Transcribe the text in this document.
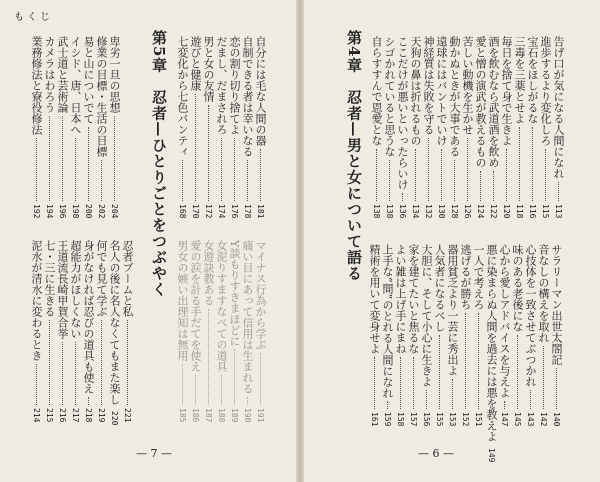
もくじ
卑劣一旦の思想
204
修業の目標・生活の目標
202
易と山についでて
200
イシド、唐、日本へ
198
武士道と芸術論
196
カメラはわろう
194
業務修法と寮役修法
192	第5章　忍者—ひとりごとをつぶやく	自分には毛な人間の器
181
自制できる者は幸いなる
178
恋の割り切り捨てよ
176
だまし、だまされろ
174
男と女の友情
172
遊びと健康
170
七変化から七色パンティ
168
忍者ブームと私
221
名人の後に名人なくてもまた楽し
220
何でも見て学ぶ
219
身がなければ忍びの道具も使え
218
超能力がほしくない
217
王道流長崎甲賀合挙
216
七・三に生きる
215
泥水が清水に変わるとき
214
マイナス行為から学ぶ
191
痛い目にあって信用は生まれる
190
Y談もりすきまほどに
189
女泥りすますなべての道具
188
女遊訣教ある
187
愛の涙を計る手だてを使え
186
男女の嫉い出理知は無用
185
— 7 —
告げ口が気になる人間になれ
113
進歩するより変化しろ
115
宝石をほしがるな
116
三毒を三薬とせよ
118
毎日を捨て身で生きよ
120
酒を飲むなら武道酒を飲め
122
愛と憎の演武が教えるもの
124
苦しい動機を生かせ
126
動かぬときが大事である
128
遠球にはバントでいけ
130
神経質は失敗を守る
132
天狗の鼻は折れるもの
134
ここだけが悪いといったらいけ
136
シゴかれていると思うな
138
自らすすんで恩愛とな
138
第4章　忍者—男と女について語る
サラリーマン出世太閤記
140
音なしの構えを取れ
142
心技体を一致させてぶつかれ
143
味のある老後にな
145
心から愛しアドバイスを与えよ
147
悪に染まらぬ人間を過去には悪を教えよ
149
一人で考えろ
151
逃げるが勝ち
152
器用貧乏より一芸に秀出よ
153
人気者になるべし
155
大胆に、そして小心に生きよ
156
家を建てたいと焦るな
157
よい雑は上げ手にまね
158
上手な“間”のとれる人間になれ
159
精術を用いて変身せよ
161
— 6 —
